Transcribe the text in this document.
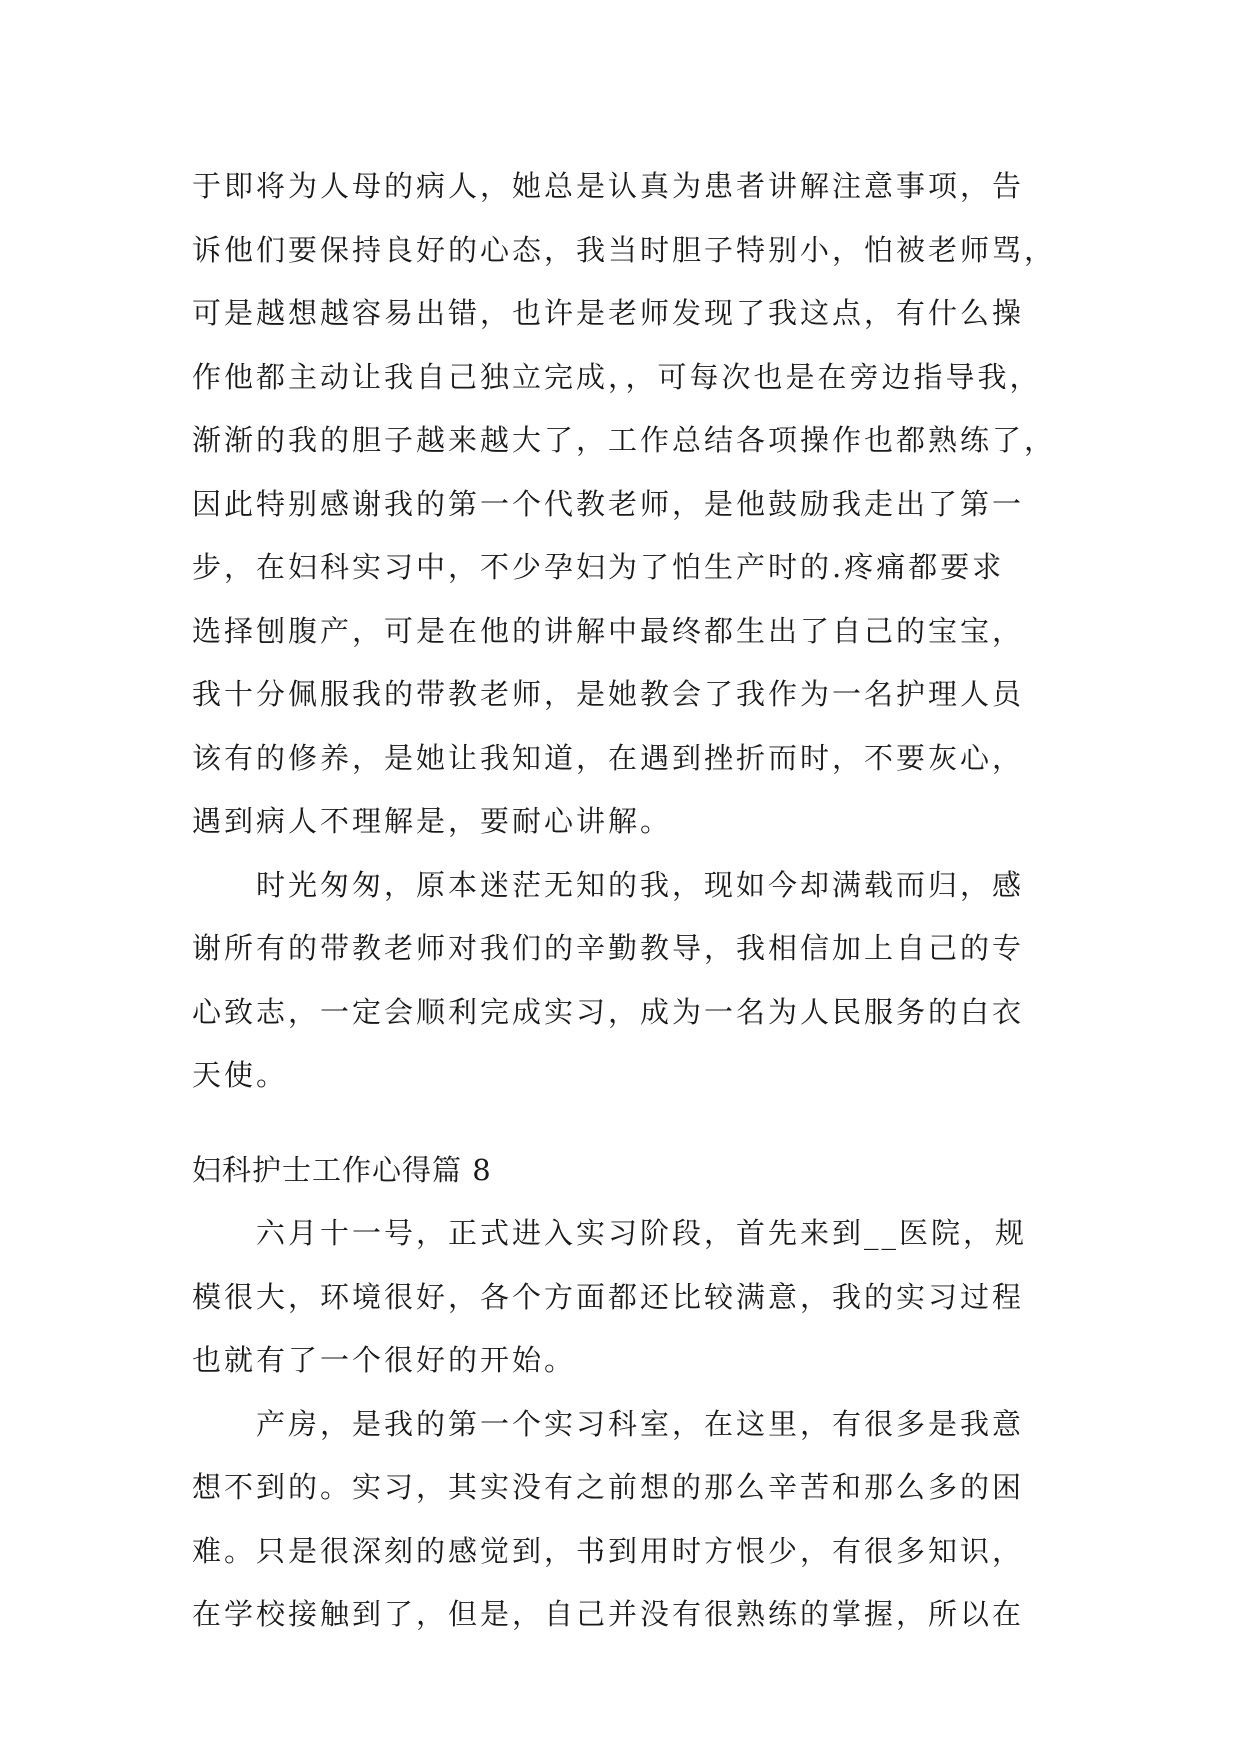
于即将为人母的病人，她总是认真为患者讲解注意事项，告
诉他们要保持良好的心态，我当时胆子特别小，怕被老师骂，
可是越想越容易出错，也许是老师发现了我这点，有什么操
作他都主动让我自己独立完成，，可每次也是在旁边指导我，
渐渐的我的胆子越来越大了，工作总结各项操作也都熟练了，
因此特别感谢我的第一个代教老师，是他鼓励我走出了第一
步，在妇科实习中，不少孕妇为了怕生产时的.疼痛都要求
选择刨腹产，可是在他的讲解中最终都生出了自己的宝宝，
我十分佩服我的带教老师，是她教会了我作为一名护理人员
该有的修养，是她让我知道，在遇到挫折而时，不要灰心，
遇到病人不理解是，要耐心讲解。
　　时光匆匆，原本迷茫无知的我，现如今却满载而归，感
谢所有的带教老师对我们的辛勤教导，我相信加上自己的专
心致志，一定会顺利完成实习，成为一名为人民服务的白衣
天使。
妇科护士工作心得篇 8
　　六月十一号，正式进入实习阶段，首先来到__医院，规
模很大，环境很好，各个方面都还比较满意，我的实习过程
也就有了一个很好的开始。
　　产房，是我的第一个实习科室，在这里，有很多是我意
想不到的。实习，其实没有之前想的那么辛苦和那么多的困
难。只是很深刻的感觉到，书到用时方恨少，有很多知识，
在学校接触到了，但是，自己并没有很熟练的掌握，所以在
